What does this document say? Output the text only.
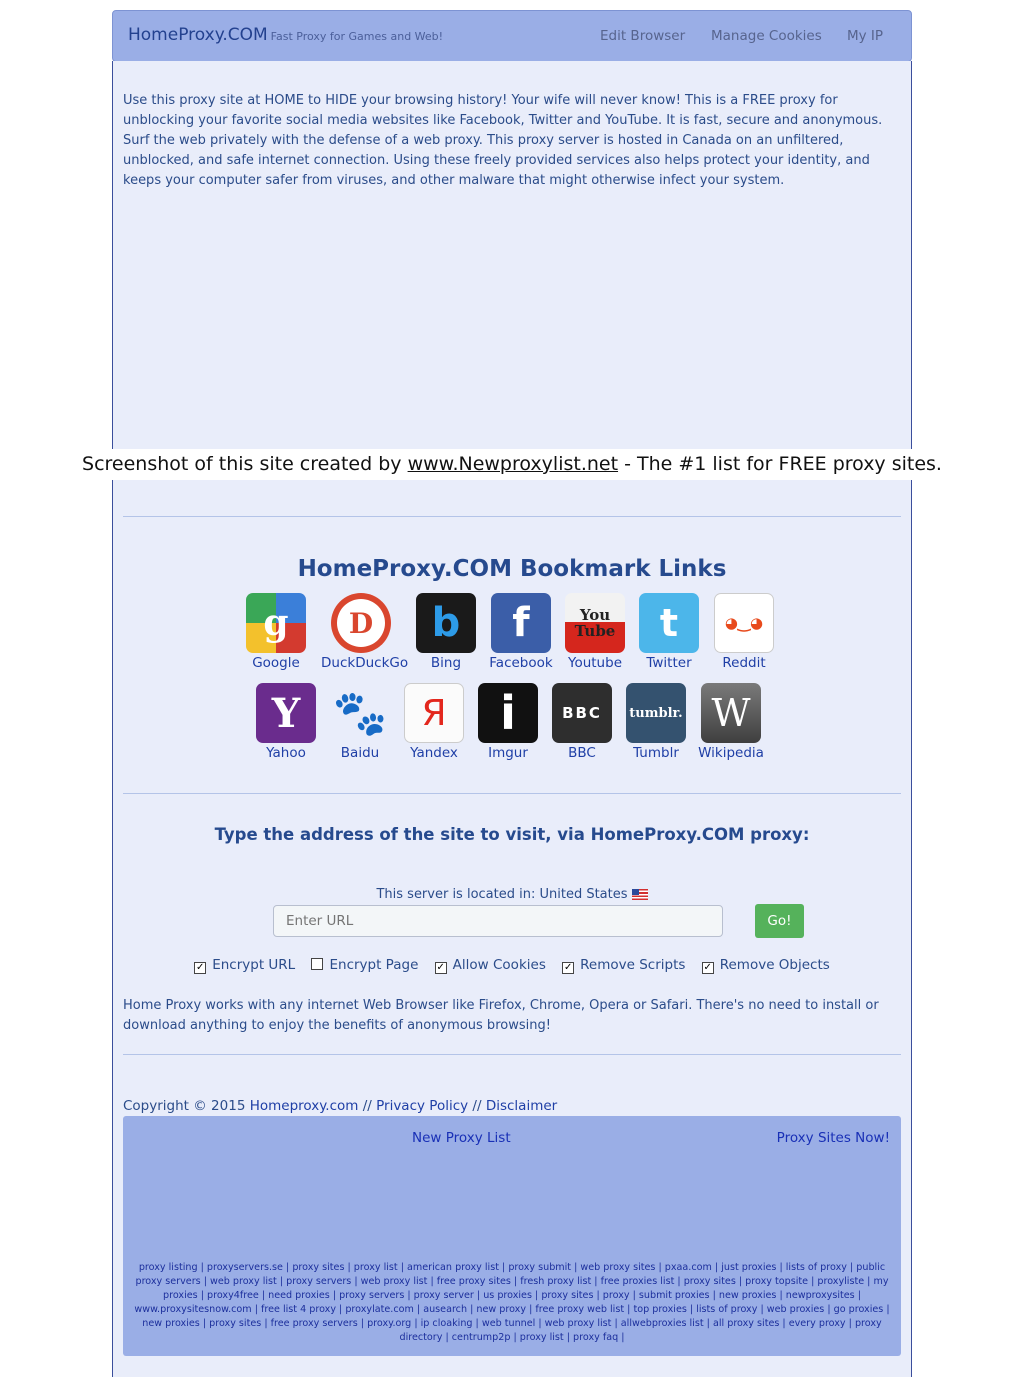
HomeProxy.COM Fast Proxy for Games and Web!	Edit Browser Manage Cookies My IP
Use this proxy site at HOME to HIDE your browsing history! Your wife will never know! This is a FREE proxy for unblocking your favorite social media websites like Facebook, Twitter and YouTube. It is fast, secure and anonymous. Surf the web privately with the defense of a web proxy. This proxy server is hosted in Canada on an unfiltered, unblocked, and safe internet connection. Using these freely provided services also helps protect your identity, and keeps your computer safer from viruses, and other malware that might otherwise infect your system.
HomeProxy.COM Bookmark Links
g
Google
D
DuckDuckGo
b
Bing
f
Facebook
You Tube
Youtube
t
Twitter
◕‿◕
Reddit
Y
Yahoo
🐾
Baidu
Я
Yandex
i
Imgur
BBC
BBC
tumblr.
Tumblr
W
Wikipedia
Type the address of the site to visit, via HomeProxy.COM proxy:
This server is located in: United States
Enter URL
Go!
✓ Encrypt URL	Encrypt Page ✓ Allow Cookies ✓ Remove Scripts ✓ Remove Objects
Home Proxy works with any internet Web Browser like Firefox, Chrome, Opera or Safari. There's no need to install or download anything to enjoy the benefits of anonymous browsing!
Copyright © 2015 Homeproxy.com // Privacy Policy // Disclaimer
New Proxy List	Proxy Sites Now!
proxy listing | proxyservers.se | proxy sites | proxy list | american proxy list | proxy submit | web proxy sites | pxaa.com | just proxies | lists of proxy | public proxy servers | web proxy list | proxy servers | web proxy list | free proxy sites | fresh proxy list | free proxies list | proxy sites | proxy topsite | proxyliste | my proxies | proxy4free | need proxies | proxy servers | proxy server | us proxies | proxy sites | proxy | submit proxies | new proxies | newproxysites | www.proxysitesnow.com | free list 4 proxy | proxylate.com | ausearch | new proxy | free proxy web list | top proxies | lists of proxy | web proxies | go proxies | new proxies | proxy sites | free proxy servers | proxy.org | ip cloaking | web tunnel | web proxy list | allwebproxies list | all proxy sites | every proxy | proxy directory | centrump2p | proxy list | proxy faq |
Screenshot of this site created by www.Newproxylist.net - The #1 list for FREE proxy sites.
